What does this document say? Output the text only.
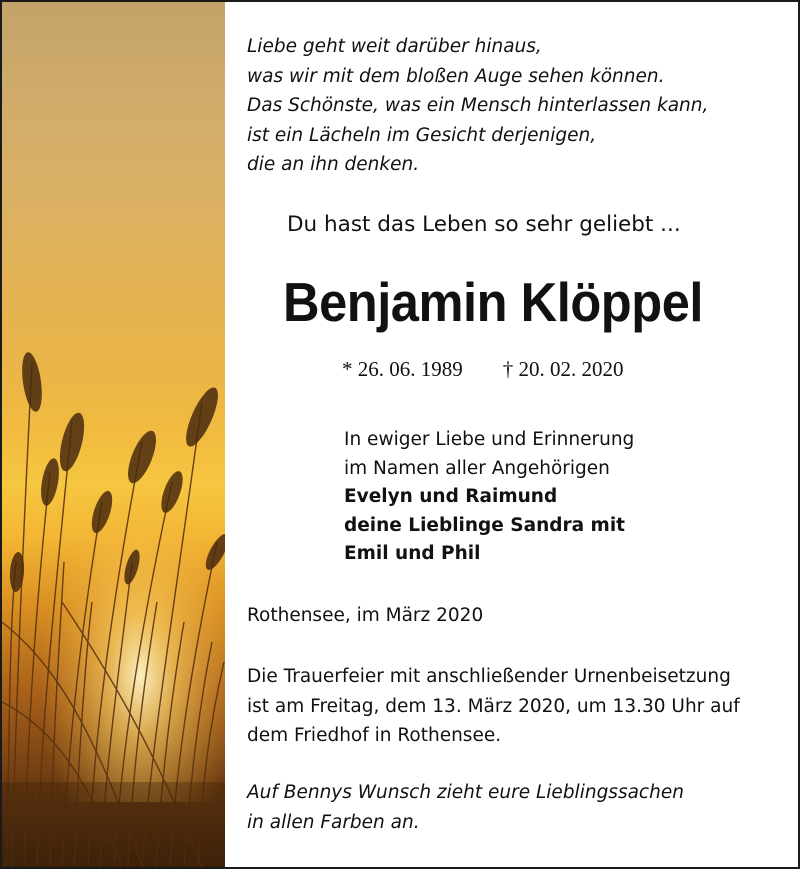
Liebe geht weit darüber hinaus,
was wir mit dem bloßen Auge sehen können.
Das Schönste, was ein Mensch hinterlassen kann,
ist ein Lächeln im Gesicht derjenigen,
die an ihn denken.
Du hast das Leben so sehr geliebt ...
Benjamin Klöppel
* 26. 06. 1989 † 20. 02. 2020
In ewiger Liebe und Erinnerung
im Namen aller Angehörigen
Evelyn und Raimund
deine Lieblinge Sandra mit
Emil und Phil
Rothensee, im März 2020
Die Trauerfeier mit anschließender Urnenbeisetzung
ist am Freitag, dem 13. März 2020, um 13.30 Uhr auf
dem Friedhof in Rothensee.
Auf Bennys Wunsch zieht eure Lieblingssachen
in allen Farben an.
